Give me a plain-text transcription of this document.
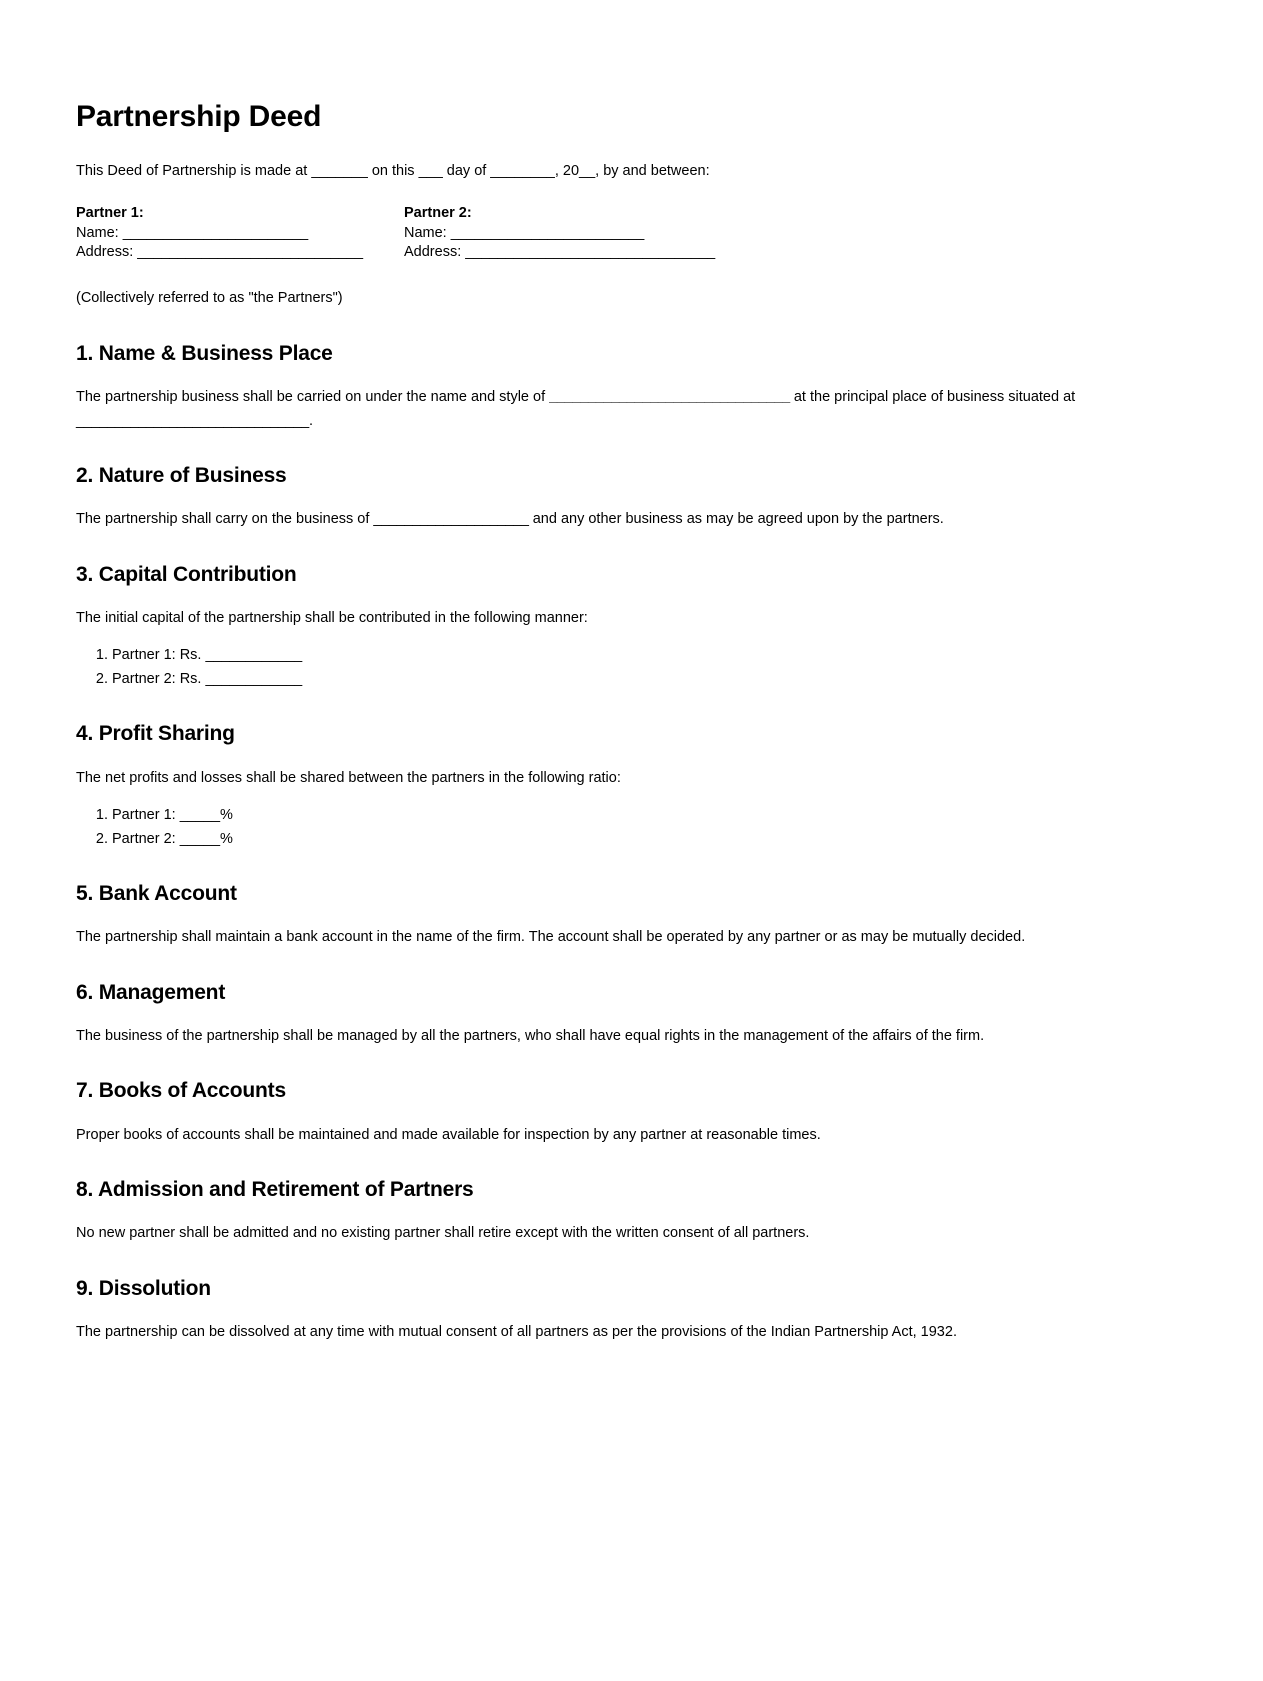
Partnership Deed

This Deed of Partnership is made at _______ on this ___ day of ________, 20__, by and between:

Partner 1:
Name: _______________________
Address: ____________________________
Partner 2:
Name: ________________________
Address: _______________________________

(Collectively referred to as "the Partners")

1. Name & Business Place

The partnership business shall be carried on under the name and style of _______________________________ at the principal place of business situated at ______________________________.

2. Nature of Business

The partnership shall carry on the business of ____________________ and any other business as may be agreed upon by the partners.

3. Capital Contribution

The initial capital of the partnership shall be contributed in the following manner:

1. Partner 1: Rs. ____________
2. Partner 2: Rs. ____________
4. Profit Sharing

The net profits and losses shall be shared between the partners in the following ratio:

1. Partner 1: _____%
2. Partner 2: _____%
5. Bank Account

The partnership shall maintain a bank account in the name of the firm. The account shall be operated by any partner or as may be mutually decided.

6. Management

The business of the partnership shall be managed by all the partners, who shall have equal rights in the management of the affairs of the firm.

7. Books of Accounts

Proper books of accounts shall be maintained and made available for inspection by any partner at reasonable times.

8. Admission and Retirement of Partners

No new partner shall be admitted and no existing partner shall retire except with the written consent of all partners.

9. Dissolution

The partnership can be dissolved at any time with mutual consent of all partners as per the provisions of the Indian Partnership Act, 1932.
